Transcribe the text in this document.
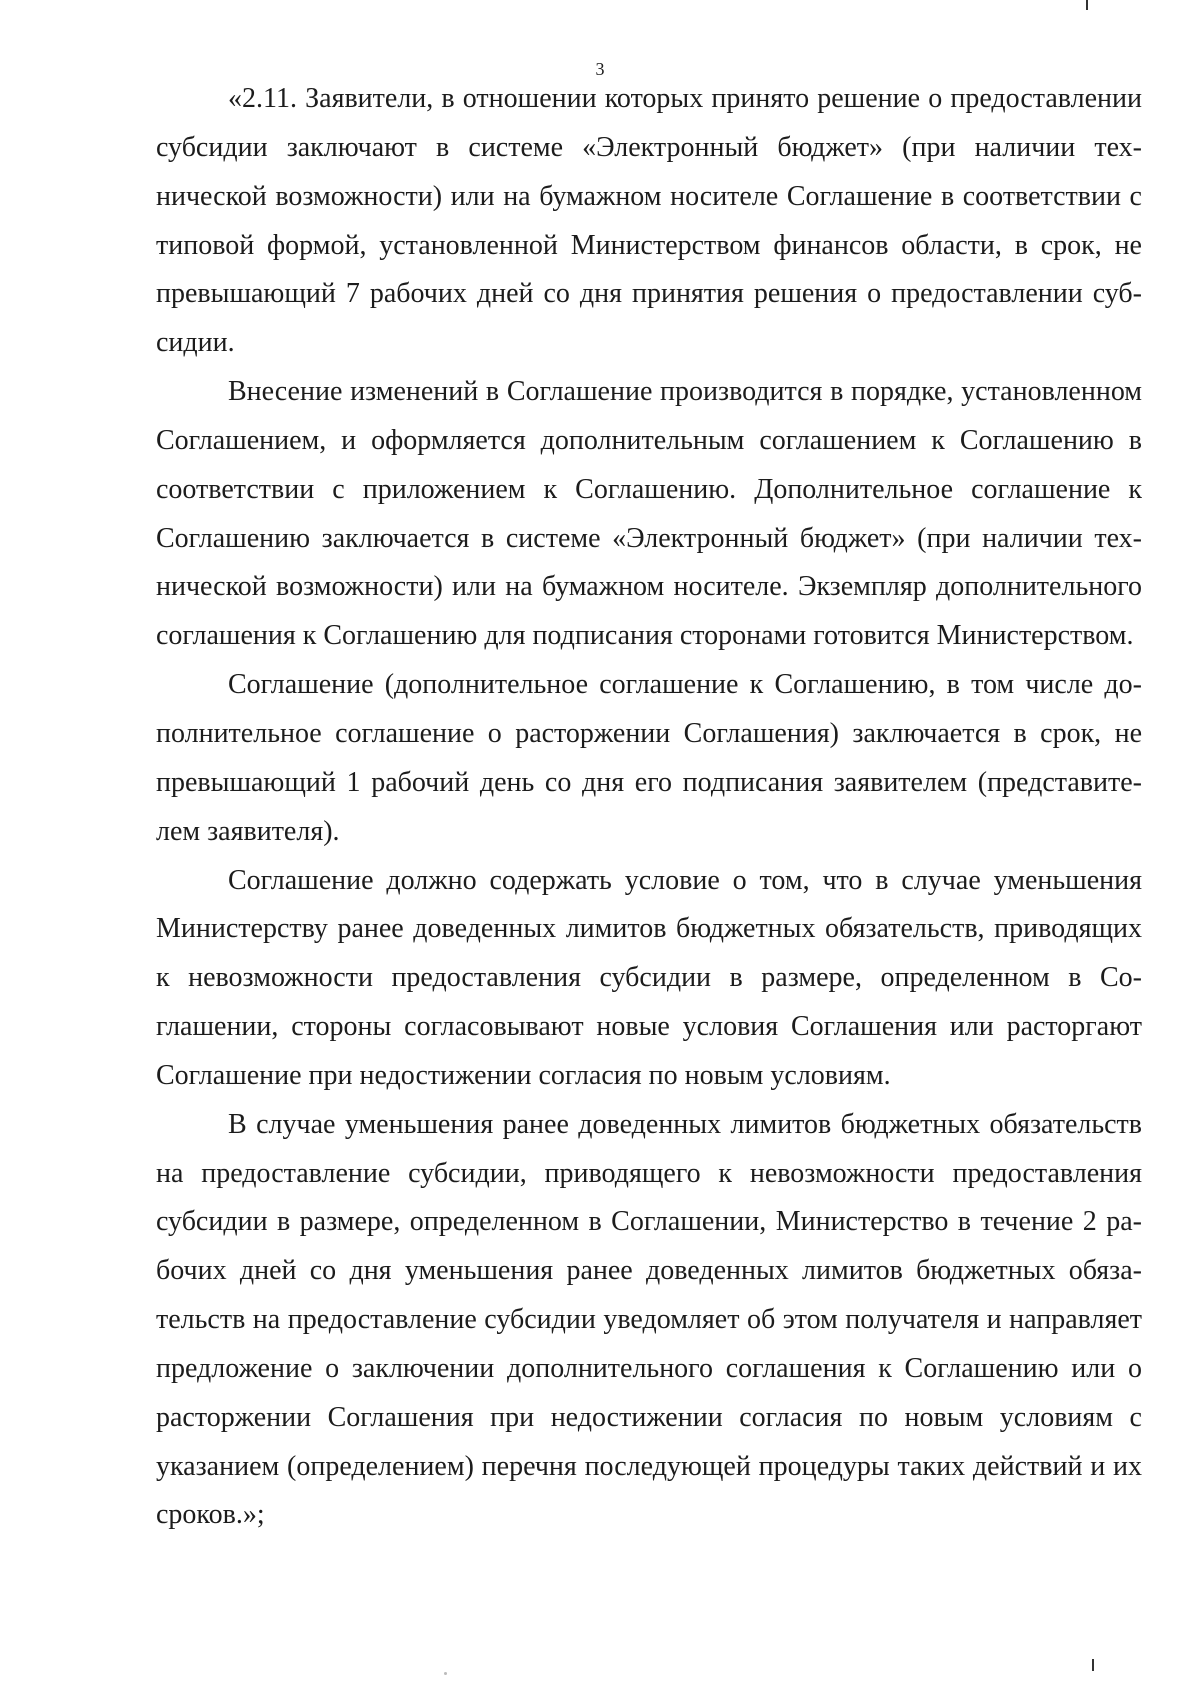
3

«2.11. Заявители, в отношении которых принято решение о предоставлении субсидии заключают в системе «Электронный бюджет» (при наличии технической возможности) или на бумажном носителе Соглашение в соответствии с типовой формой, установленной Министерством финансов области, в срок, не превышающий 7 рабочих дней со дня принятия решения о предоставлении субсидии.

Внесение изменений в Соглашение производится в порядке, установленном Соглашением, и оформляется дополнительным соглашением к Соглашению в соответствии с приложением к Соглашению. Дополнительное соглашение к Соглашению заключается в системе «Электронный бюджет» (при наличии технической возможности) или на бумажном носителе. Экземпляр дополнительного соглашения к Соглашению для подписания сторонами готовится Министерством.

Соглашение (дополнительное соглашение к Соглашению, в том числе дополнительное соглашение о расторжении Соглашения) заключается в срок, не превышающий 1 рабочий день со дня его подписания заявителем (представителем заявителя).

Соглашение должно содержать условие о том, что в случае уменьшения Министерству ранее доведенных лимитов бюджетных обязательств, приводящих к невозможности предоставления субсидии в размере, определенном в Соглашении, стороны согласовывают новые условия Соглашения или расторгают Соглашение при недостижении согласия по новым условиям.

В случае уменьшения ранее доведенных лимитов бюджетных обязательств на предоставление субсидии, приводящего к невозможности предоставления субсидии в размере, определенном в Соглашении, Министерство в течение 2 рабочих дней со дня уменьшения ранее доведенных лимитов бюджетных обязательств на предоставление субсидии уведомляет об этом получателя и направляет предложение о заключении дополнительного соглашения к Соглашению или о расторжении Соглашения при недостижении согласия по новым условиям с указанием (определением) перечня последующей процедуры таких действий и их сроков.»;
